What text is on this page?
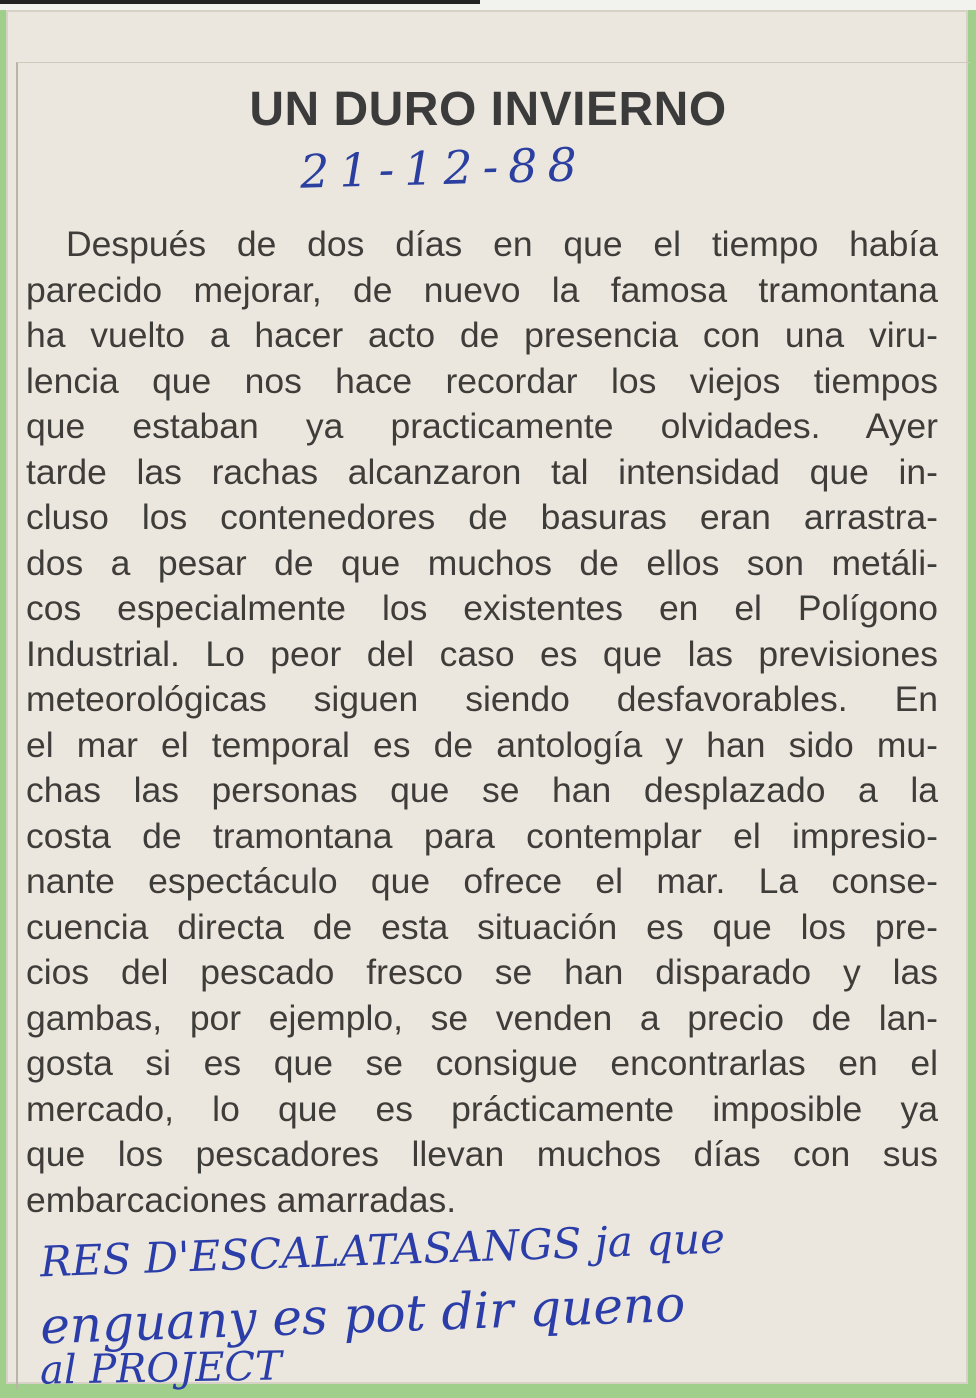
UN DURO INVIERNO
21-12-88
Después de dos días en que el tiempo había
parecido mejorar, de nuevo la famosa tramontana
ha vuelto a hacer acto de presencia con una viru-
lencia que nos hace recordar los viejos tiempos
que estaban ya practicamente olvidades. Ayer
tarde las rachas alcanzaron tal intensidad que in-
cluso los contenedores de basuras eran arrastra-
dos a pesar de que muchos de ellos son metáli-
cos especialmente los existentes en el Polígono
Industrial. Lo peor del caso es que las previsiones
meteorológicas siguen siendo desfavorables. En
el mar el temporal es de antología y han sido mu-
chas las personas que se han desplazado a la
costa de tramontana para contemplar el impresio-
nante espectáculo que ofrece el mar. La conse-
cuencia directa de esta situación es que los pre-
cios del pescado fresco se han disparado y las
gambas, por ejemplo, se venden a precio de lan-
gosta si es que se consigue encontrarlas en el
mercado, lo que es prácticamente imposible ya
que los pescadores llevan muchos días con sus
embarcaciones amarradas.
RES D'ESCALATASANGS ja que
enguany es pot dir queno
al PROJECT
